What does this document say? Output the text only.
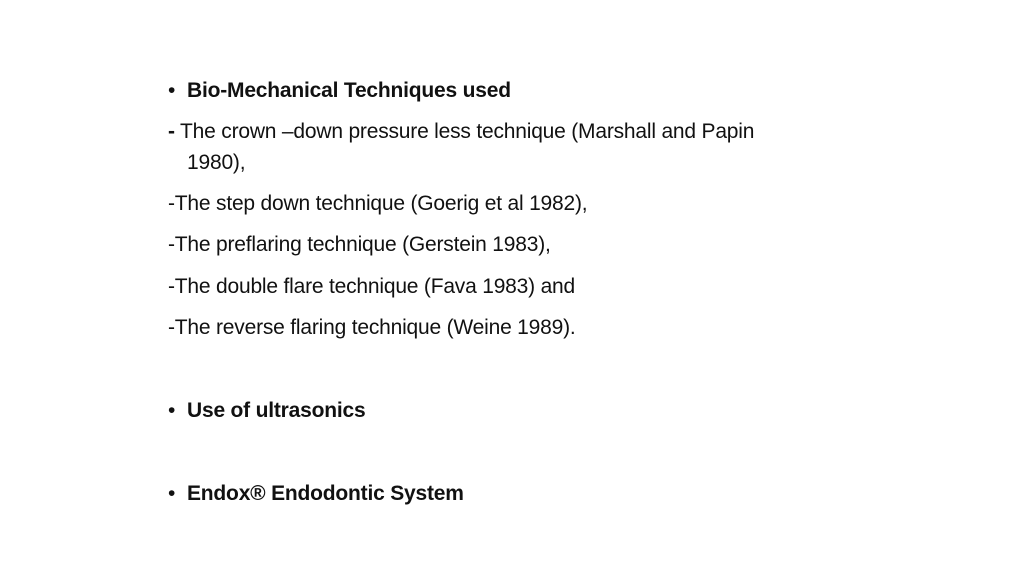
• Bio-Mechanical Techniques used
- The crown –down pressure less technique (Marshall and Papin
1980),
-The step down technique (Goerig et al 1982),
-The preflaring technique (Gerstein 1983),
-The double flare technique (Fava 1983) and
-The reverse flaring technique (Weine 1989).
• Use of ultrasonics
• Endox® Endodontic System
